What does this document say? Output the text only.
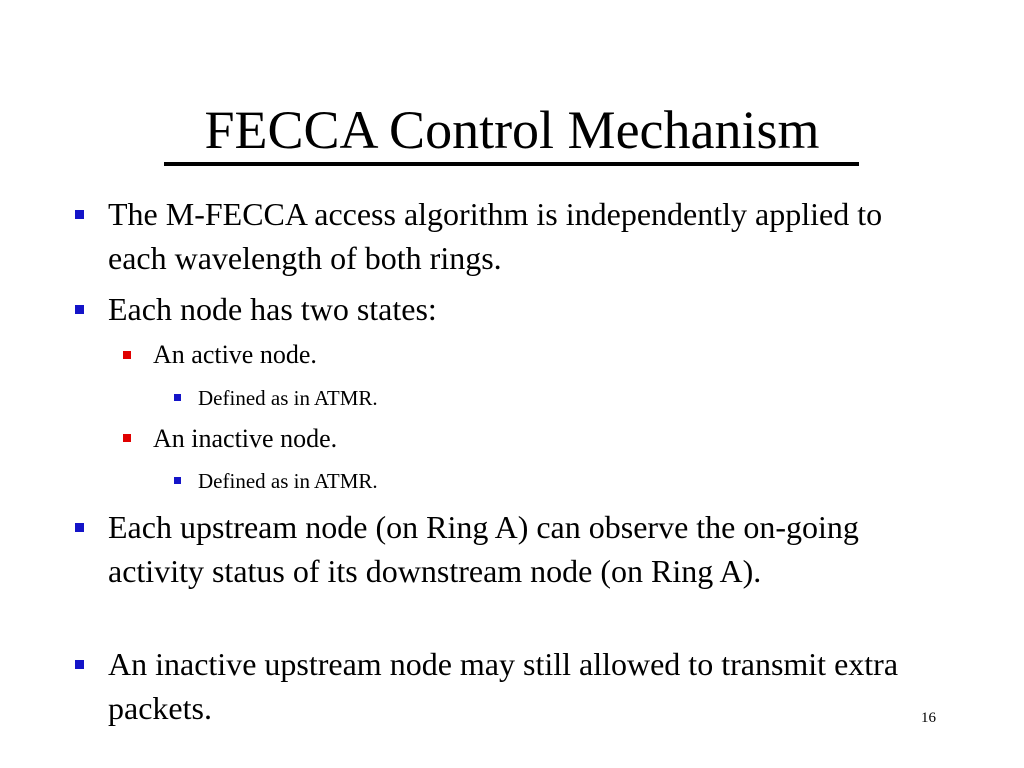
FECCA Control Mechanism
The M-FECCA access algorithm is independently applied to each wavelength of both rings.
Each node has two states:
An active node.
Defined as in ATMR.
An inactive node.
Defined as in ATMR.
Each upstream node (on Ring A) can observe the on-going activity status of its downstream node (on Ring A).
An inactive upstream node may still allowed to transmit extra packets.	16
